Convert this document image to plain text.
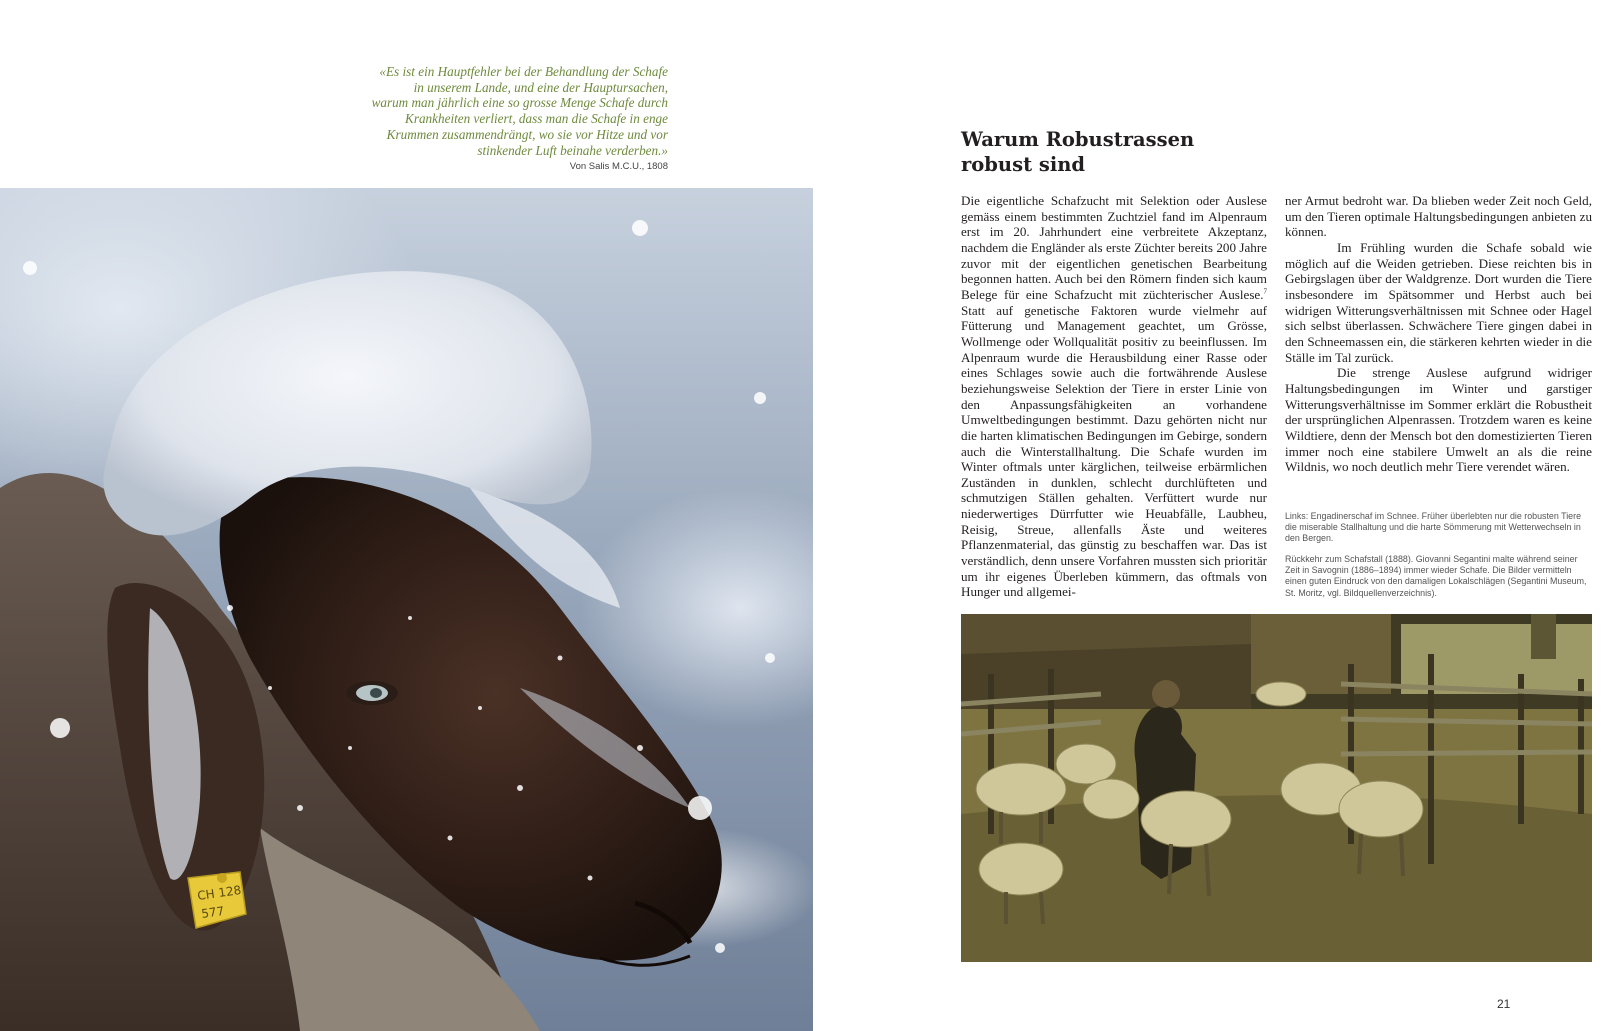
«Es ist ein Hauptfehler bei der Behandlung der Schafe
in unserem Lande, und eine der Hauptursachen,
warum man jährlich eine so grosse Menge Schafe durch
Krankheiten verliert, dass man die Schafe in enge
Krummen zusammendrängt, wo sie vor Hitze und vor
stinkender Luft beinahe verderben.»
Von Salis M.C.U., 1808
CH 128
577
Warum Robustrassen
robust sind

Die eigentliche Schafzucht mit Selektion oder Auslese gemäss einem bestimmten Zuchtziel fand im Alpenraum erst im 20. Jahrhundert eine verbreitete Akzeptanz, nachdem die Engländer als erste Züchter bereits 200 Jahre zuvor mit der eigentlichen genetischen Bearbeitung begonnen hatten. Auch bei den Römern finden sich kaum Belege für eine Schafzucht mit züchterischer Auslese.$^7$ Statt auf genetische Faktoren wurde vielmehr auf Fütterung und Management geachtet, um Grösse, Wollmenge oder Wollqualität positiv zu beeinflussen. Im Alpenraum wurde die Herausbildung einer Rasse oder eines Schlages sowie auch die fortwährende Auslese beziehungsweise Selektion der Tiere in erster Linie von den Anpassungsfähigkeiten an vorhandene Umweltbedingungen bestimmt. Dazu gehörten nicht nur die harten klimatischen Bedingungen im Gebirge, sondern auch die Winterstallhaltung. Die Schafe wurden im Winter oftmals unter kärglichen, teilweise erbärmlichen Zuständen in dunklen, schlecht durchlüfteten und schmutzigen Ställen gehalten. Verfüttert wurde nur niederwertiges Dürrfutter wie Heuabfälle, Laubheu, Reisig, Streue, allenfalls Äste und weiteres Pflanzenmaterial, das günstig zu beschaffen war. Das ist verständlich, denn unsere Vorfahren mussten sich prioritär um ihr eigenes Überleben kümmern, das oftmals von Hunger und allgemei-

ner Armut bedroht war. Da blieben weder Zeit noch Geld, um den Tieren optimale Haltungsbedingungen anbieten zu können.

Im Frühling wurden die Schafe sobald wie möglich auf die Weiden getrieben. Diese reichten bis in Gebirgslagen über der Waldgrenze. Dort wurden die Tiere insbesondere im Spätsommer und Herbst auch bei widrigen Witterungsverhältnissen mit Schnee oder Hagel sich selbst überlassen. Schwächere Tiere gingen dabei in den Schneemassen ein, die stärkeren kehrten wieder in die Ställe im Tal zurück.

Die strenge Auslese aufgrund widriger Haltungsbedingungen im Winter und garstiger Witterungsverhältnisse im Sommer erklärt die Robustheit der ursprünglichen Alpenrassen. Trotzdem waren es keine Wildtiere, denn der Mensch bot den domestizierten Tieren immer noch eine stabilere Umwelt an als die reine Wildnis, wo noch deutlich mehr Tiere verendet wären.

Links: Engadinerschaf im Schnee. Früher überlebten nur die robusten Tiere die miserable Stallhaltung und die harte Sömmerung mit Wetterwechseln in den Bergen.
Rückkehr zum Schafstall (1888). Giovanni Segantini malte während seiner Zeit in Savognin (1886–1894) immer wieder Schafe. Die Bilder vermitteln einen guten Eindruck von den damaligen Lokalschlägen (Segantini Museum, St. Moritz, vgl. Bildquellenverzeichnis).
21
